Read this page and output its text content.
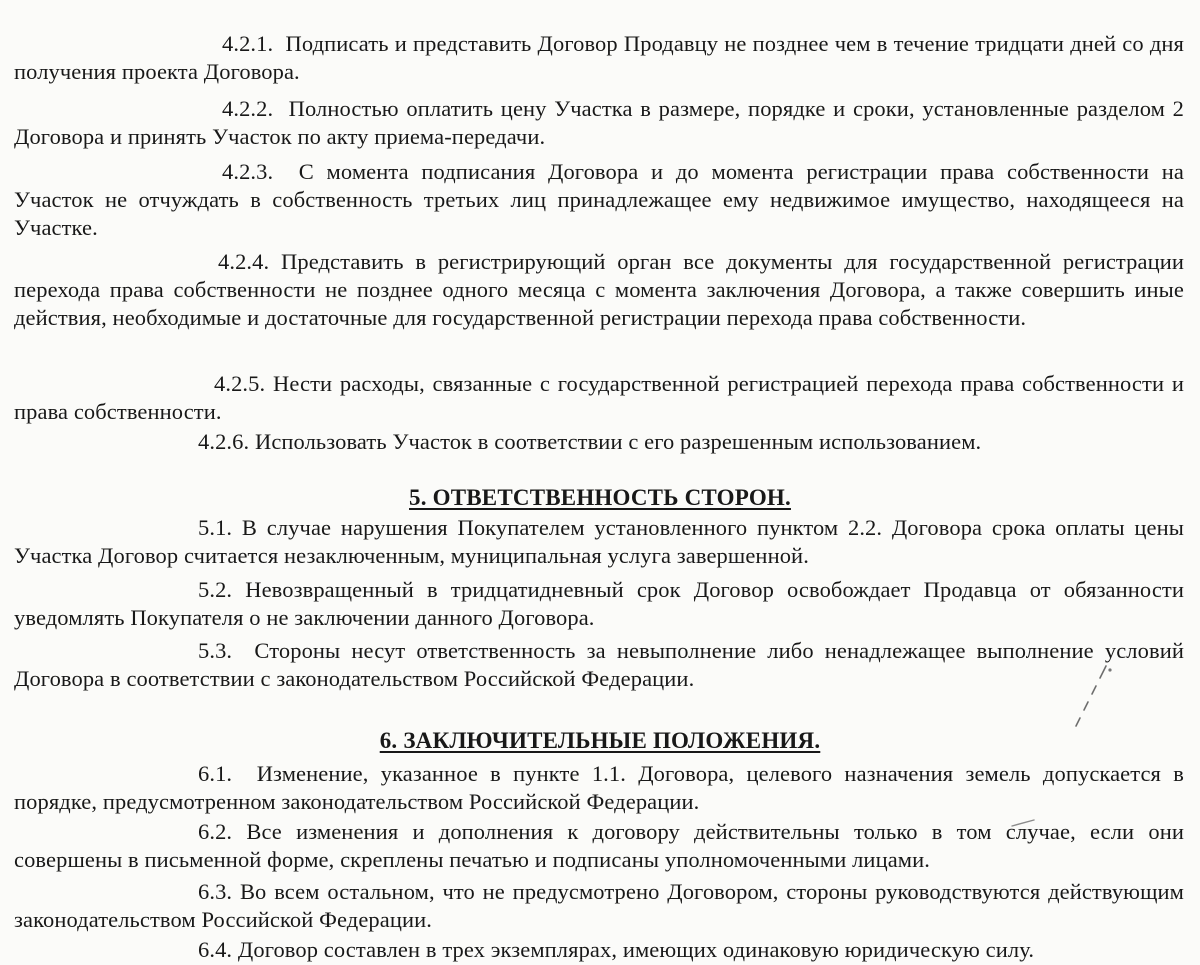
4.2.1. Подписать и представить Договор Продавцу не позднее чем в течение тридцати дней со дня получения проекта Договора.

4.2.2. Полностью оплатить цену Участка в размере, порядке и сроки, установленные разделом 2 Договора и принять Участок по акту приема-передачи.

4.2.3. С момента подписания Договора и до момента регистрации права собственности на Участок не отчуждать в собственность третьих лиц принадлежащее ему недвижимое имущество, находящееся на Участке.

4.2.4. Представить в регистрирующий орган все документы для государственной регистрации перехода права собственности не позднее одного месяца с момента заключения Договора, а также совершить иные действия, необходимые и достаточные для государственной регистрации перехода права собственности.

4.2.5. Нести расходы, связанные с государственной регистрацией перехода права собственности и права собственности.

4.2.6. Использовать Участок в соответствии с его разрешенным использованием.

5. ОТВЕТСТВЕННОСТЬ СТОРОН.

5.1. В случае нарушения Покупателем установленного пунктом 2.2. Договора срока оплаты цены Участка Договор считается незаключенным, муниципальная услуга завершенной.

5.2. Невозвращенный в тридцатидневный срок Договор освобождает Продавца от обязанности уведомлять Покупателя о не заключении данного Договора.

5.3. Стороны несут ответственность за невыполнение либо ненадлежащее выполнение условий Договора в соответствии с законодательством Российской Федерации.

6. ЗАКЛЮЧИТЕЛЬНЫЕ ПОЛОЖЕНИЯ.

6.1. Изменение, указанное в пункте 1.1. Договора, целевого назначения земель допускается в порядке, предусмотренном законодательством Российской Федерации.

6.2. Все изменения и дополнения к договору действительны только в том случае, если они совершены в письменной форме, скреплены печатью и подписаны уполномоченными лицами.

6.3. Во всем остальном, что не предусмотрено Договором, стороны руководствуются действующим законодательством Российской Федерации.

6.4. Договор составлен в трех экземплярах, имеющих одинаковую юридическую силу.
